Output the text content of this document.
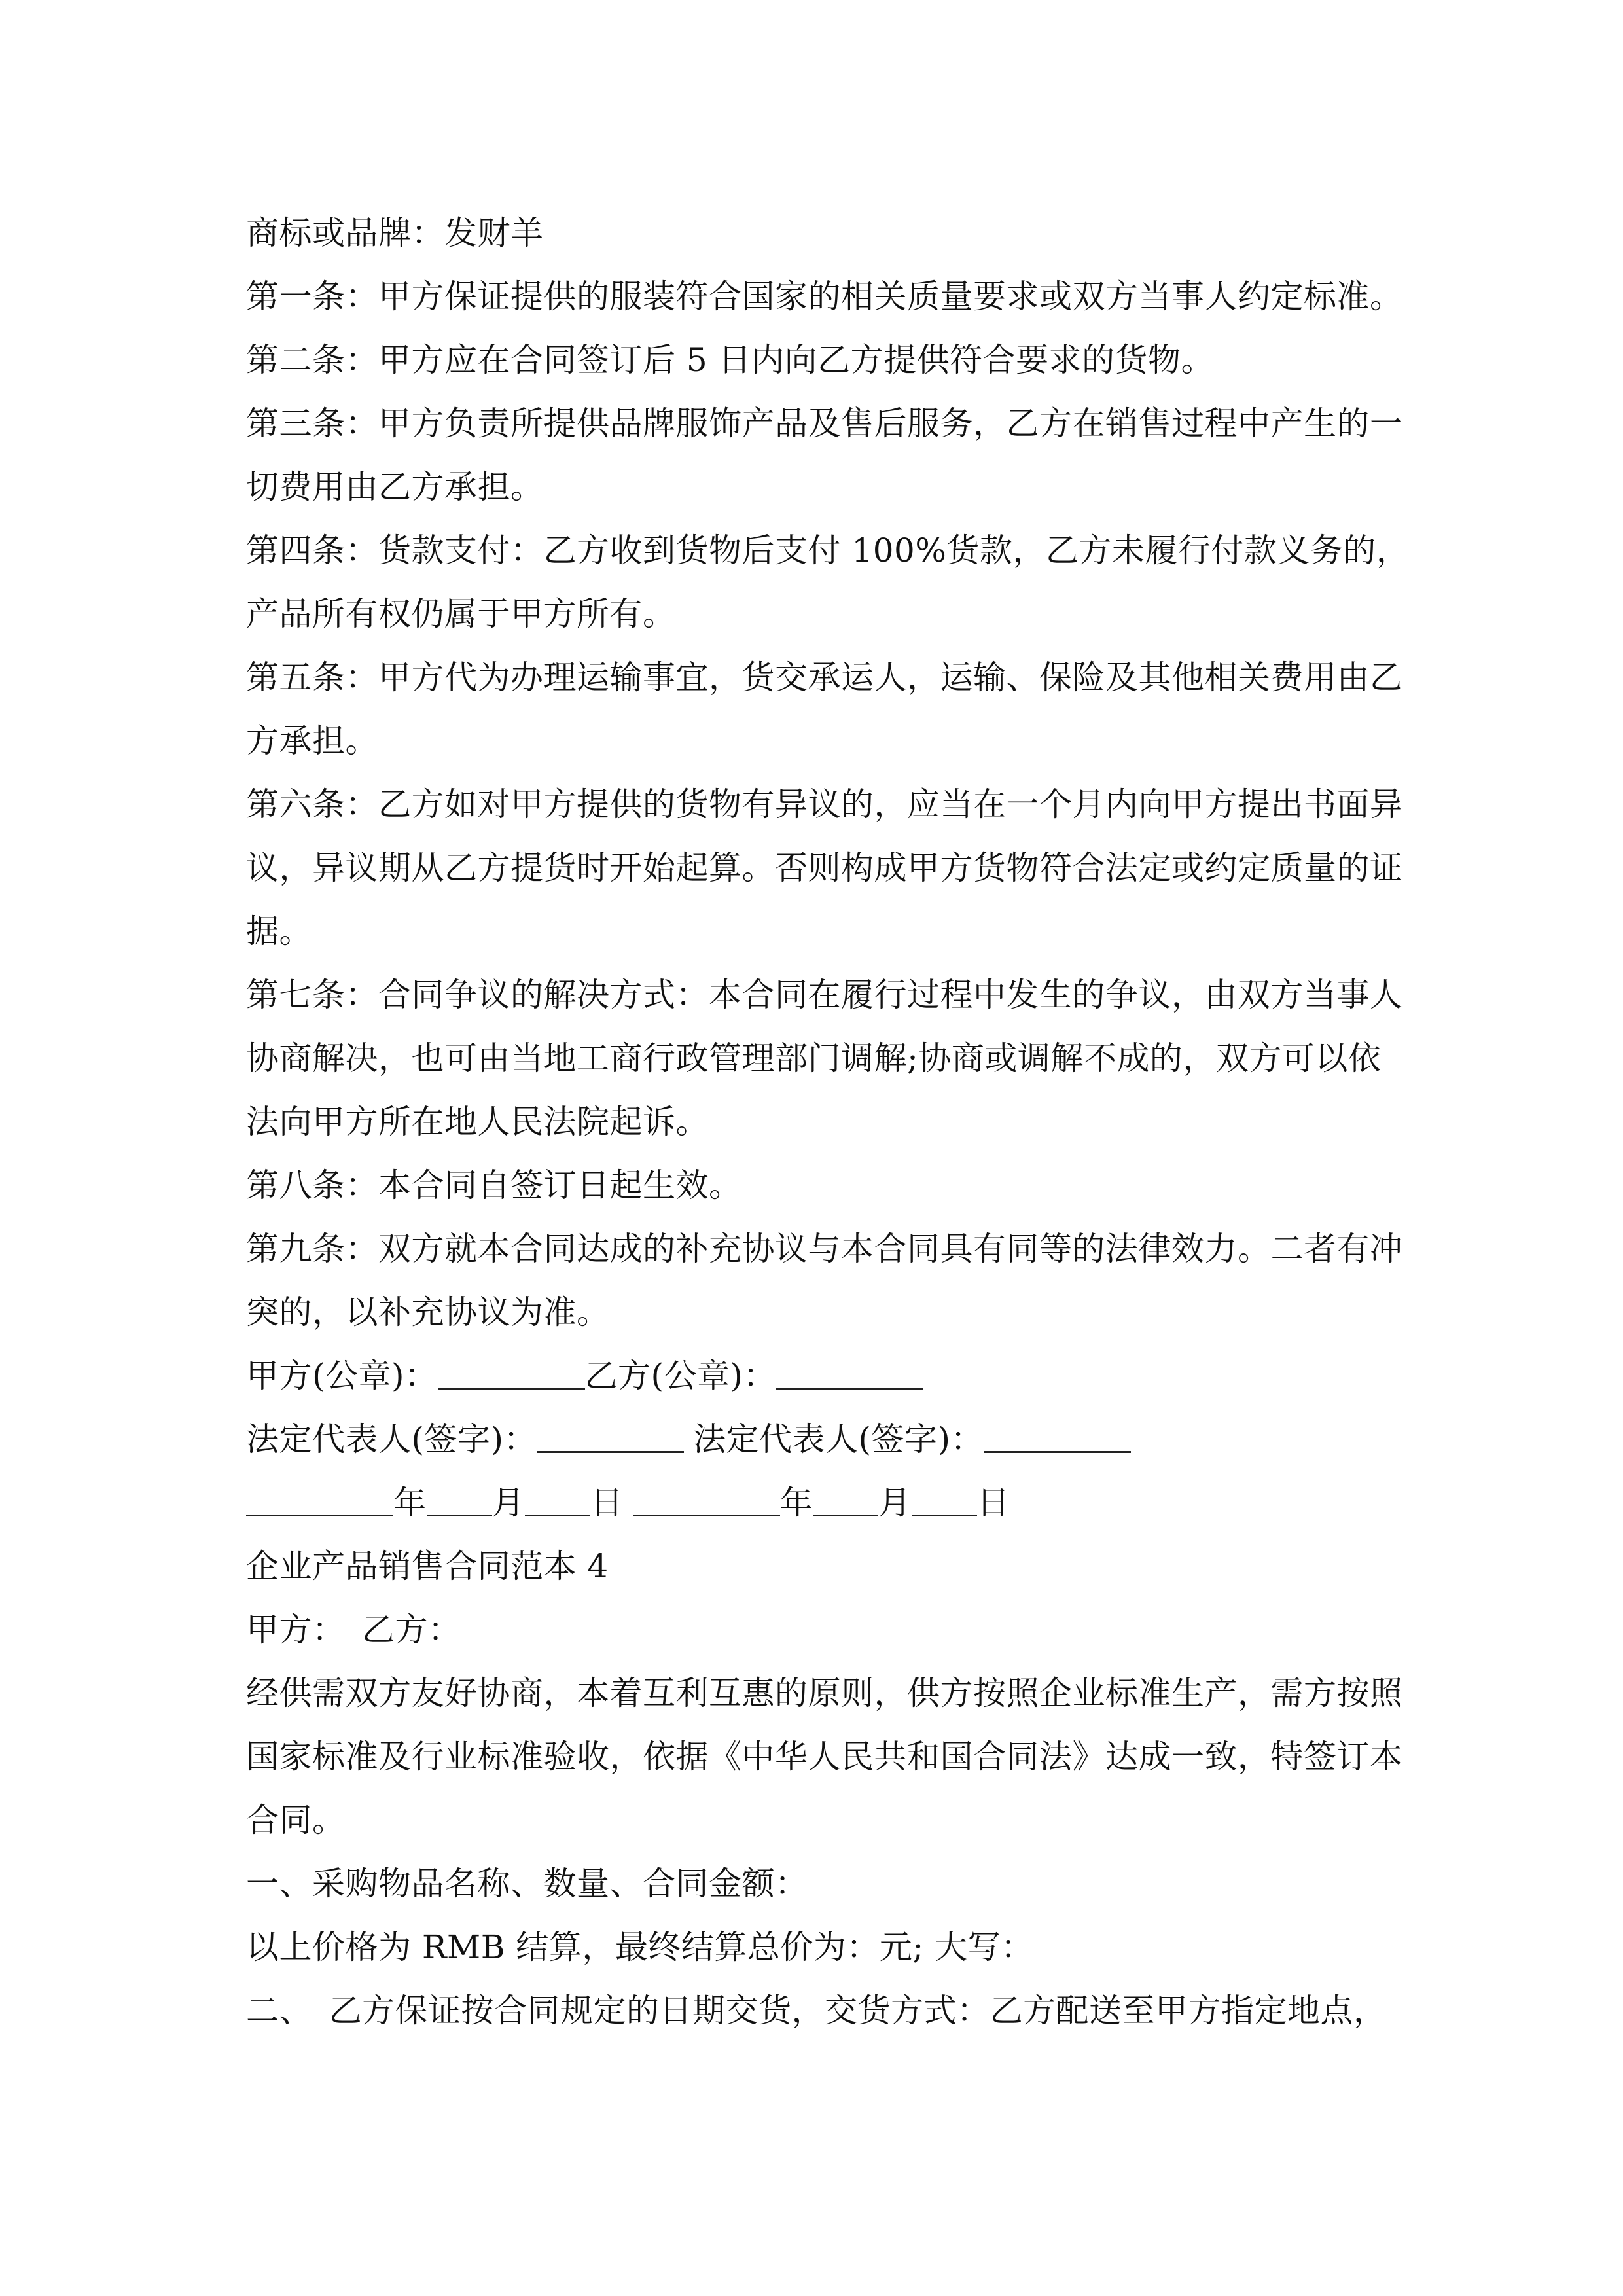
商标或品牌：发财羊
第一条：甲方保证提供的服装符合国家的相关质量要求或双方当事人约定标准。
第二条：甲方应在合同签订后 5 日内向乙方提供符合要求的货物。
第三条：甲方负责所提供品牌服饰产品及售后服务，乙方在销售过程中产生的一
切费用由乙方承担。
第四条：货款支付：乙方收到货物后支付 100%货款，乙方未履行付款义务的，
产品所有权仍属于甲方所有。
第五条：甲方代为办理运输事宜，货交承运人，运输、保险及其他相关费用由乙
方承担。
第六条：乙方如对甲方提供的货物有异议的，应当在一个月内向甲方提出书面异
议，异议期从乙方提货时开始起算。否则构成甲方货物符合法定或约定质量的证
据。
第七条：合同争议的解决方式：本合同在履行过程中发生的争议，由双方当事人
协商解决，也可由当地工商行政管理部门调解;协商或调解不成的，双方可以依
法向甲方所在地人民法院起诉。
第八条：本合同自签订日起生效。
第九条：双方就本合同达成的补充协议与本合同具有同等的法律效力。二者有冲
突的，以补充协议为准。
甲方(公章)：	乙方(公章)：
法定代表人(签字)：	法定代表人(签字)：
年 月 日	年 月 日
企业产品销售合同范本 4
甲方：　乙方：
经供需双方友好协商，本着互利互惠的原则，供方按照企业标准生产，需方按照
国家标准及行业标准验收，依据《中华人民共和国合同法》达成一致，特签订本
合同。
一、采购物品名称、数量、合同金额：
以上价格为 RMB 结算，最终结算总价为：元; 大写：
二、　乙方保证按合同规定的日期交货，交货方式：乙方配送至甲方指定地点，
